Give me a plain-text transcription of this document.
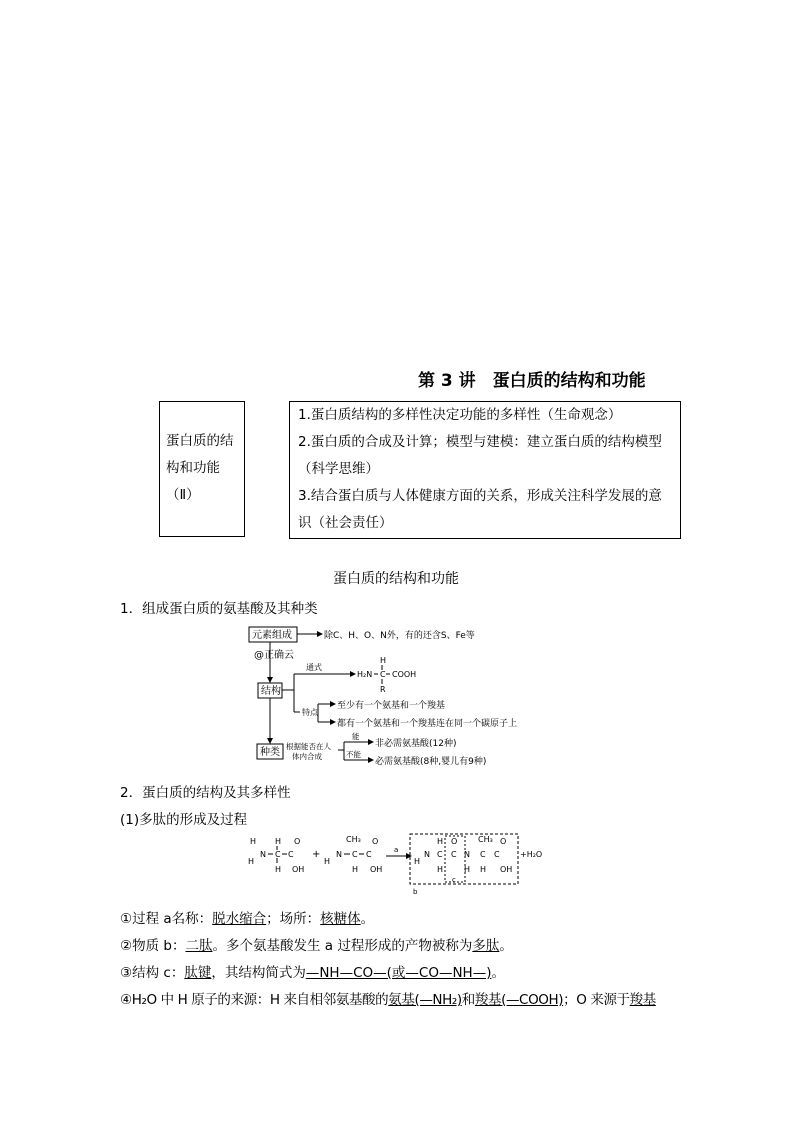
第 3 讲　蛋白质的结构和功能
蛋白质的结
构和功能
（Ⅱ）
1.蛋白质结构的多样性决定功能的多样性（生命观念）
2.蛋白质的合成及计算；模型与建模：建立蛋白质的结构模型
（科学思维）
3.结合蛋白质与人体健康方面的关系，形成关注科学发展的意
识（社会责任）
蛋白质的结构和功能
1．组成蛋白质的氨基酸及其种类
元素组成	除C、H、O、N外，有的还含S、Fe等
@正确云
结构
通式
H
H₂N C COOH
R
特点
至少有一个氨基和一个羧基
都有一个氨基和一个羧基连在同一个碳原子上
种类
根据能否在人
体内合成
能
非必需氨基酸(12种)
不能
必需氨基酸(8种,婴儿有9种)
2．蛋白质的结构及其多样性
(1)多肽的形成及过程
H
H
N C
H
H
C
O
OH
+
H
N
CH₃
C
H
C
O
OH
a
H
N
H
C
H
O
C N
H
CH₃
C
H
C
O
OH
c
b
+H₂O
①过程 a名称：脱水缩合；场所：核糖体。
②物质 b：二肽。多个氨基酸发生 a 过程形成的产物被称为多肽。
③结构 c：肽键，其结构简式为—NH—CO—(或—CO—NH—)。
④H₂O 中 H 原子的来源：H 来自相邻氨基酸的氨基(—NH₂)和羧基(—COOH)；O 来源于羧基
